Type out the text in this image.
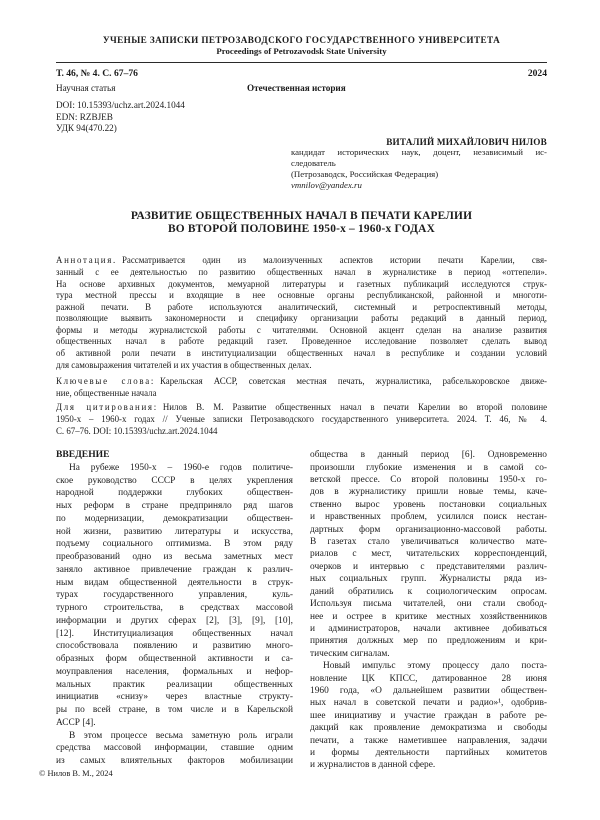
УЧЕНЫЕ ЗАПИСКИ ПЕТРОЗАВОДСКОГО ГОСУДАРСТВЕННОГО УНИВЕРСИТЕТА
Proceedings of Petrozavodsk State University
Т. 46, № 4. С. 67–76	2024
Научная статья	Отечественная история
DOI: 10.15393/uchz.art.2024.1044
EDN: RZBJEB
УДК 94(470.22)
ВИТАЛИЙ МИХАЙЛОВИЧ НИЛОВ
кандидат исторических наук, доцент, независимый ис-
следователь
(Петрозаводск, Российская Федерация)
vmnilov@yandex.ru
РАЗВИТИЕ ОБЩЕСТВЕННЫХ НАЧАЛ В ПЕЧАТИ КАРЕЛИИ
ВО ВТОРОЙ ПОЛОВИНЕ 1950-х – 1960-х ГОДАХ
Аннотация. Рассматривается один из малоизученных аспектов истории печати Карелии, свя-
занный с ее деятельностью по развитию общественных начал в журналистике в период «оттепели».
На основе архивных документов, мемуарной литературы и газетных публикаций исследуются струк-
тура местной прессы и входящие в нее основные органы республиканской, районной и многоти-
ражной печати. В работе используются аналитический, системный и ретроспективный методы,
позволяющие выявить закономерности и специфику организации работы редакций в данный период,
формы и методы журналистской работы с читателями. Основной акцент сделан на анализе развития
общественных начал в работе редакций газет. Проведенное исследование позволяет сделать вывод
об активной роли печати в институциализации общественных начал в республике и создании условий
для самовыражения читателей и их участия в общественных делах.
Ключевые слова: Карельская АССР, советская местная печать, журналистика, рабселькоровское движе-
ние, общественные начала
Для цитирования: Нилов В. М. Развитие общественных начал в печати Карелии во второй половине
1950-х – 1960-х годах // Ученые записки Петрозаводского государственного университета. 2024. Т. 46, № 4.
С. 67–76. DOI: 10.15393/uchz.art.2024.1044
ВВЕДЕНИЕ
На рубеже 1950-х – 1960-е годов политиче-
ское руководство СССР в целях укрепления
народной поддержки глубоких обществен-
ных реформ в стране предприняло ряд шагов
по модернизации, демократизации обществен-
ной жизни, развитию литературы и искусства,
подъему социального оптимизма. В этом ряду
преобразований одно из весьма заметных мест
заняло активное привлечение граждан к различ-
ным видам общественной деятельности в струк-
турах государственного управления, куль-
турного строительства, в средствах массовой
информации и других сферах [2], [3], [9], [10],
[12]. Институциализация общественных начал
способствовала появлению и развитию много-
образных форм общественной активности и са-
моуправления населения, формальных и нефор-
мальных практик реализации общественных
инициатив «снизу» через властные структу-
ры по всей стране, в том числе и в Карельской
АССР [4].
В этом процессе весьма заметную роль играли
средства массовой информации, ставшие одним
из самых влиятельных факторов мобилизации
общества в данный период [6]. Одновременно
произошли глубокие изменения и в самой со-
ветской прессе. Со второй половины 1950-х го-
дов в журналистику пришли новые темы, каче-
ственно вырос уровень постановки социальных
и нравственных проблем, усилился поиск нестан-
дартных форм организационно-массовой работы.
В газетах стало увеличиваться количество мате-
риалов с мест, читательских корреспонденций,
очерков и интервью с представителями различ-
ных социальных групп. Журналисты ряда из-
даний обратились к социологическим опросам.
Используя письма читателей, они стали свобод-
нее и острее в критике местных хозяйственников
и администраторов, начали активнее добиваться
принятия должных мер по предложениям и кри-
тическим сигналам.
Новый импульс этому процессу дало поста-
новление ЦК КПСС, датированное 28 июня
1960 года, «О дальнейшем развитии обществен-
ных начал в советской печати и радио»¹, одобрив-
шее инициативу и участие граждан в работе ре-
дакций как проявление демократизма и свободы
печати, а также наметившее направления, задачи
и формы деятельности партийных комитетов
и журналистов в данной сфере.
© Нилов В. М., 2024
